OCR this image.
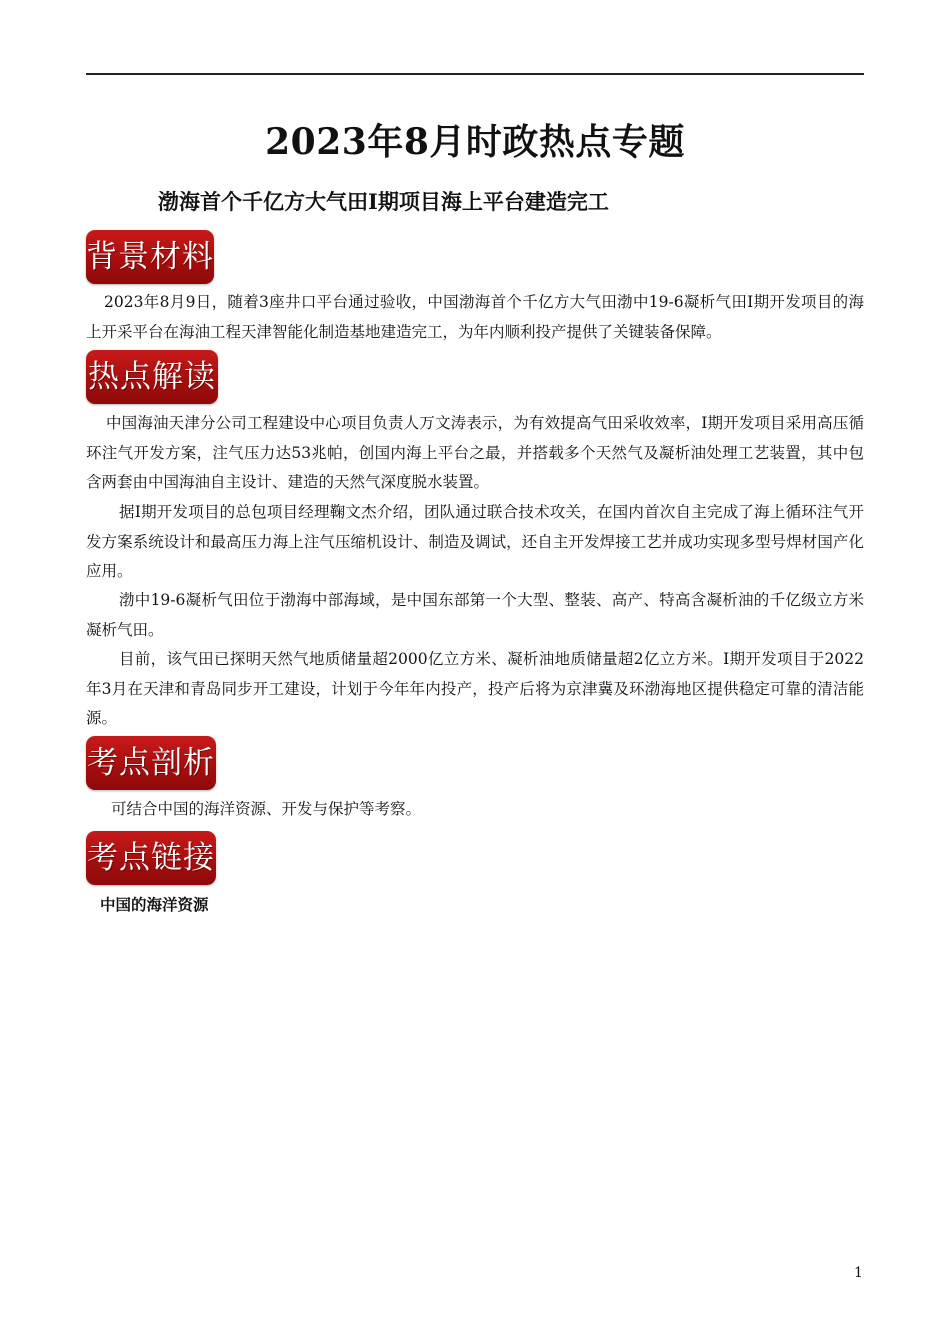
2023年8月时政热点专题
渤海首个千亿方大气田I期项目海上平台建造完工
背景材料

2023年8月9日，随着3座井口平台通过验收，中国渤海首个千亿方大气田渤中19-6凝析气田I期开发项目的海上开采平台在海油工程天津智能化制造基地建造完工，为年内顺利投产提供了关键装备保障。

热点解读

中国海油天津分公司工程建设中心项目负责人万文涛表示，为有效提高气田采收效率，I期开发项目采用高压循环注气开发方案，注气压力达53兆帕，创国内海上平台之最，并搭载多个天然气及凝析油处理工艺装置，其中包含两套由中国海油自主设计、建造的天然气深度脱水装置。

据I期开发项目的总包项目经理鞠文杰介绍，团队通过联合技术攻关，在国内首次自主完成了海上循环注气开发方案系统设计和最高压力海上注气压缩机设计、制造及调试，还自主开发焊接工艺并成功实现多型号焊材国产化应用。

渤中19-6凝析气田位于渤海中部海域，是中国东部第一个大型、整装、高产、特高含凝析油的千亿级立方米凝析气田。

目前，该气田已探明天然气地质储量超2000亿立方米、凝析油地质储量超2亿立方米。I期开发项目于2022年3月在天津和青岛同步开工建设，计划于今年年内投产，投产后将为京津冀及环渤海地区提供稳定可靠的清洁能源。

考点剖析

可结合中国的海洋资源、开发与保护等考察。

考点链接
中国的海洋资源
1
